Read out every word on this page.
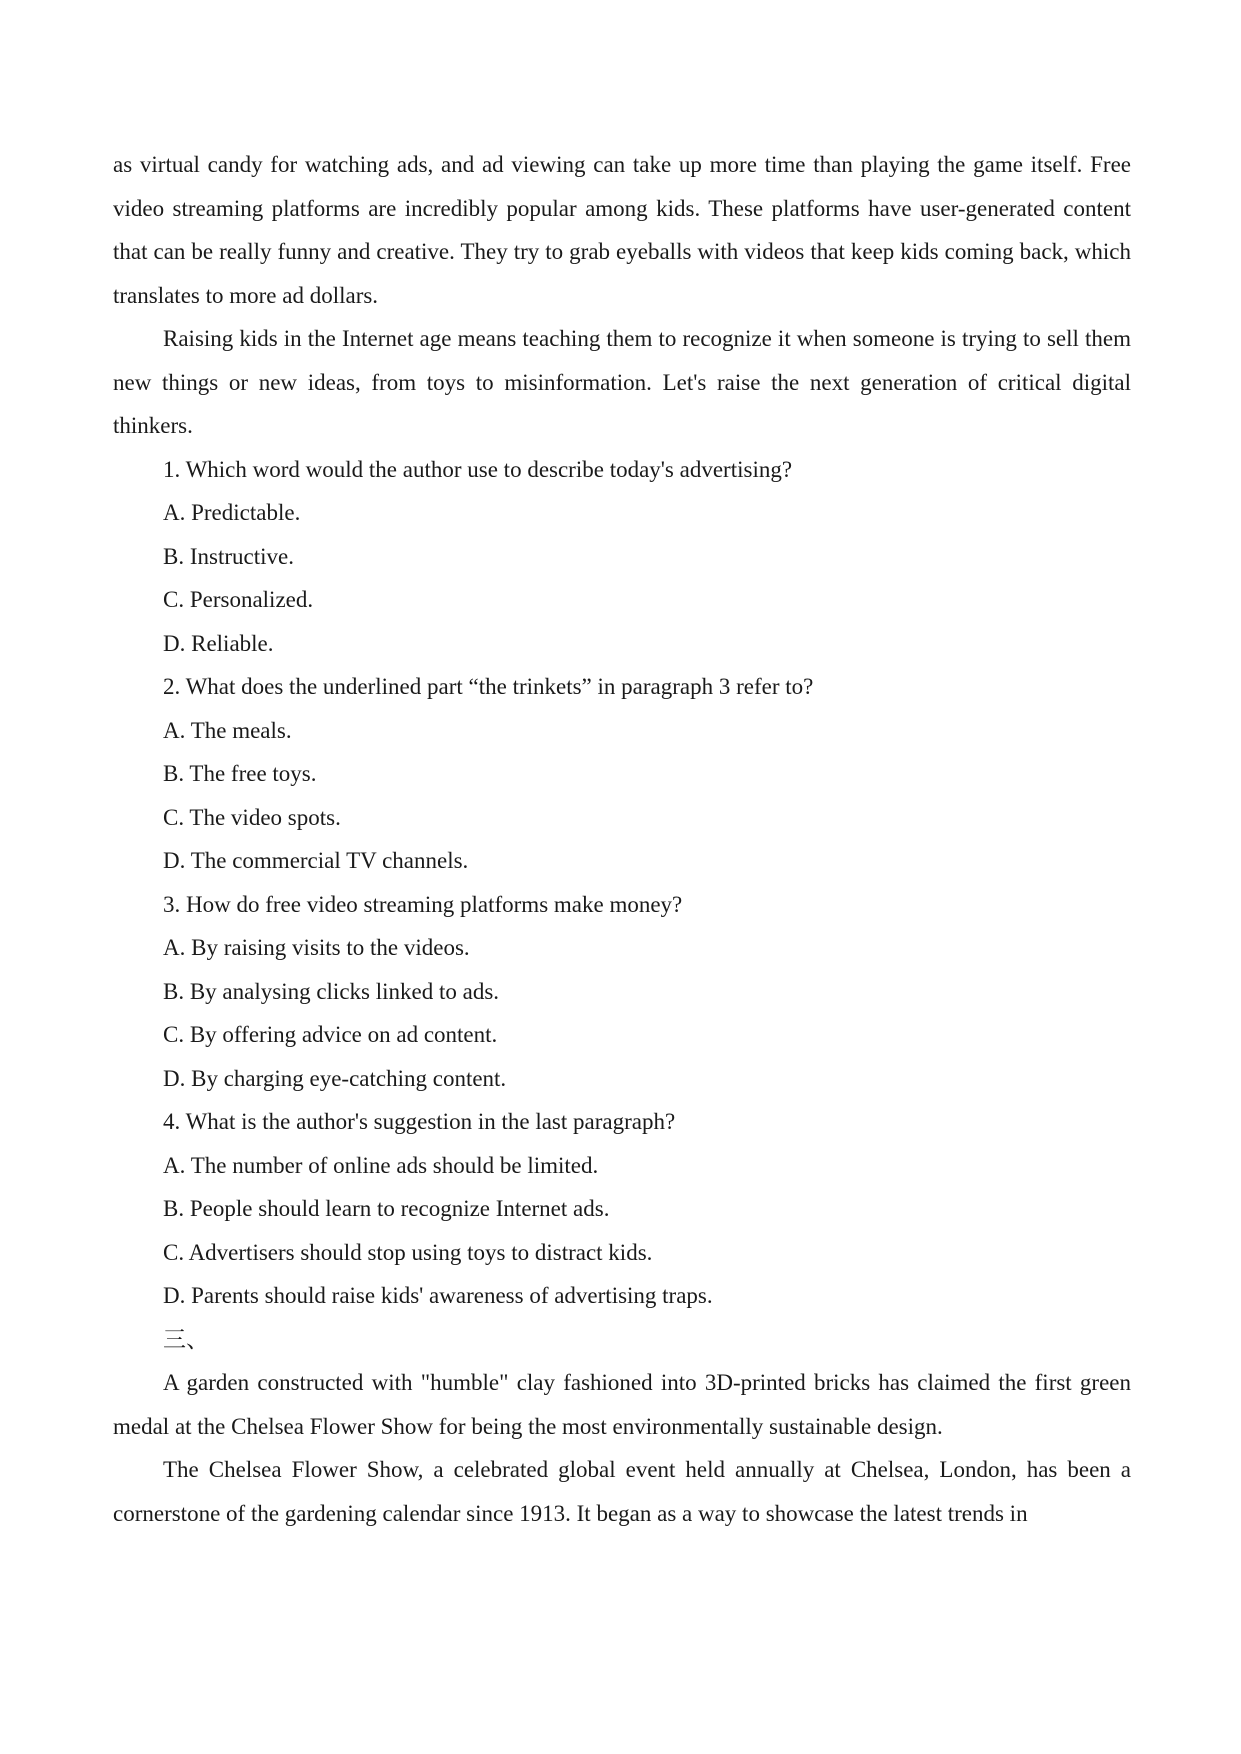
as virtual candy for watching ads, and ad viewing can take up more time than playing the game itself. Free video streaming platforms are incredibly popular among kids. These platforms have user-generated content that can be really funny and creative. They try to grab eyeballs with videos that keep kids coming back, which translates to more ad dollars.

Raising kids in the Internet age means teaching them to recognize it when someone is trying to sell them new things or new ideas, from toys to misinformation. Let's raise the next generation of critical digital thinkers.

1. Which word would the author use to describe today's advertising?

A. Predictable.

B. Instructive.

C. Personalized.

D. Reliable.

2. What does the underlined part “the trinkets” in paragraph 3 refer to?

A. The meals.

B. The free toys.

C. The video spots.

D. The commercial TV channels.

3. How do free video streaming platforms make money?

A. By raising visits to the videos.

B. By analysing clicks linked to ads.

C. By offering advice on ad content.

D. By charging eye-catching content.

4. What is the author's suggestion in the last paragraph?

A. The number of online ads should be limited.

B. People should learn to recognize Internet ads.

C. Advertisers should stop using toys to distract kids.

D. Parents should raise kids' awareness of advertising traps.

三、

A garden constructed with "humble" clay fashioned into 3D-printed bricks has claimed the first green medal at the Chelsea Flower Show for being the most environmentally sustainable design.

The Chelsea Flower Show, a celebrated global event held annually at Chelsea, London, has been a cornerstone of the gardening calendar since 1913. It began as a way to showcase the latest trends in
